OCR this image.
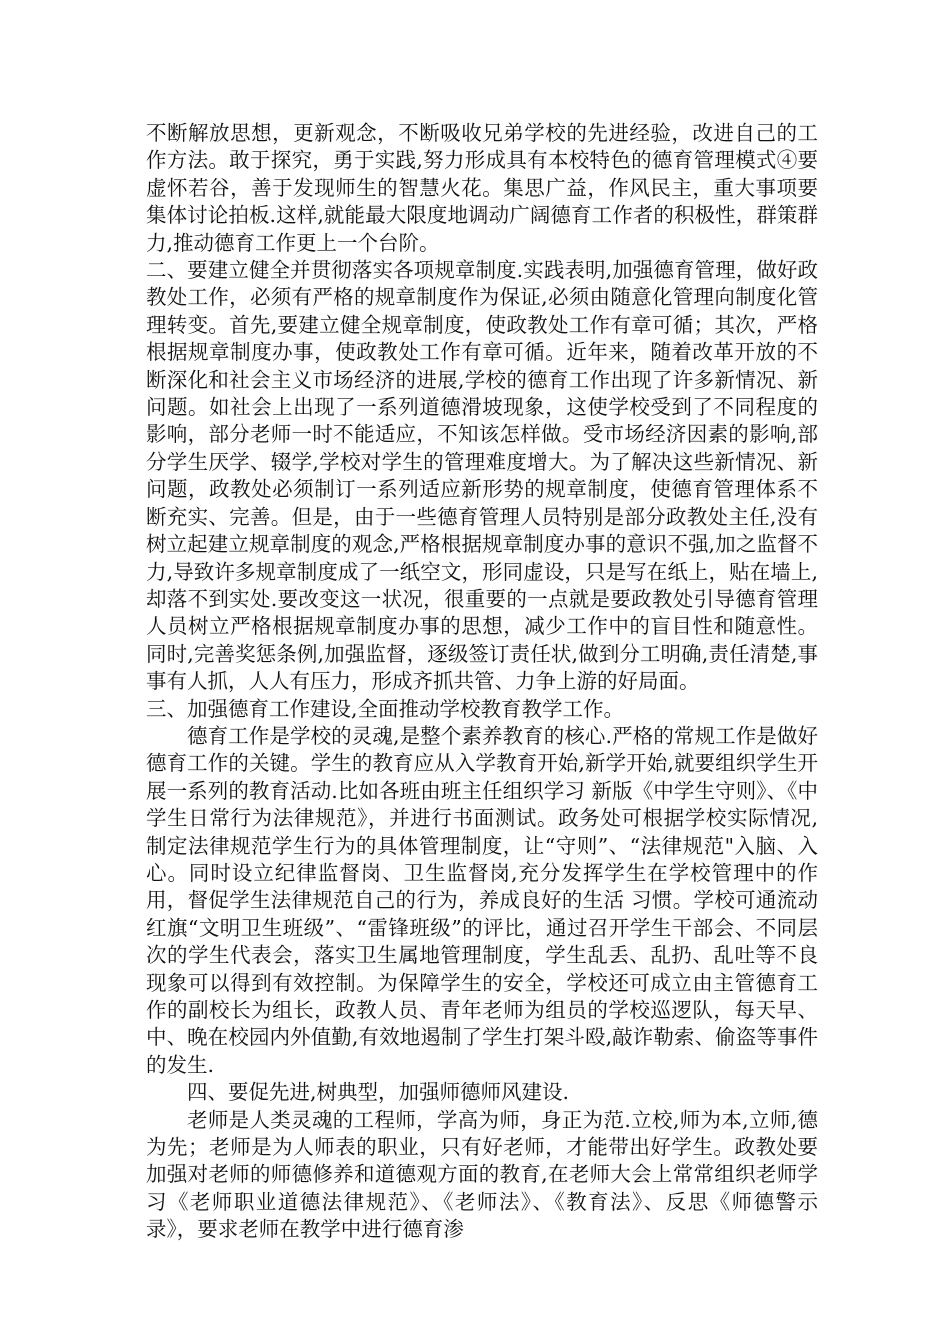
不断解放思想，更新观念，不断吸收兄弟学校的先进经验，改进自己的工作方法。敢于探究，勇于实践,努力形成具有本校特色的德育管理模式④要虚怀若谷，善于发现师生的智慧火花。集思广益，作风民主，重大事项要集体讨论拍板.这样,就能最大限度地调动广阔德育工作者的积极性，群策群力,推动德育工作更上一个台阶。

二、要建立健全并贯彻落实各项规章制度.实践表明,加强德育管理，做好政教处工作，必须有严格的规章制度作为保证,必须由随意化管理向制度化管理转变。首先,要建立健全规章制度，使政教处工作有章可循；其次，严格根据规章制度办事，使政教处工作有章可循。近年来，随着改革开放的不断深化和社会主义市场经济的进展,学校的德育工作出现了许多新情况、新问题。如社会上出现了一系列道德滑坡现象，这使学校受到了不同程度的影响，部分老师一时不能适应，不知该怎样做。受市场经济因素的影响,部分学生厌学、辍学,学校对学生的管理难度增大。为了解决这些新情况、新问题，政教处必须制订一系列适应新形势的规章制度，使德育管理体系不断充实、完善。但是，由于一些德育管理人员特别是部分政教处主任,没有树立起建立规章制度的观念,严格根据规章制度办事的意识不强,加之监督不力,导致许多规章制度成了一纸空文，形同虚设，只是写在纸上，贴在墙上,却落不到实处.要改变这一状况，很重要的一点就是要政教处引导德育管理人员树立严格根据规章制度办事的思想，减少工作中的盲目性和随意性。同时,完善奖惩条例,加强监督，逐级签订责任状,做到分工明确,责任清楚,事事有人抓，人人有压力，形成齐抓共管、力争上游的好局面。

三、加强德育工作建设,全面推动学校教育教学工作。

德育工作是学校的灵魂,是整个素养教育的核心.严格的常规工作是做好德育工作的关键。学生的教育应从入学教育开始,新学开始,就要组织学生开展一系列的教育活动.比如各班由班主任组织学习 新版《中学生守则》、《中学生日常行为法律规范》，并进行书面测试。政务处可根据学校实际情况,制定法律规范学生行为的具体管理制度，让“守则”、“法律规范"入脑、入心。同时设立纪律监督岗、卫生监督岗,充分发挥学生在学校管理中的作用，督促学生法律规范自己的行为，养成良好的生活 习惯。学校可通流动红旗“文明卫生班级”、“雷锋班级”的评比，通过召开学生干部会、不同层次的学生代表会，落实卫生属地管理制度，学生乱丢、乱扔、乱吐等不良现象可以得到有效控制。为保障学生的安全，学校还可成立由主管德育工作的副校长为组长，政教人员、青年老师为组员的学校巡逻队，每天早、中、晚在校园内外值勤,有效地遏制了学生打架斗殴,敲诈勒索、偷盗等事件的发生.

四、要促先进,树典型，加强师德师风建设.

老师是人类灵魂的工程师，学高为师，身正为范.立校,师为本,立师,德为先；老师是为人师表的职业，只有好老师，才能带出好学生。政教处要加强对老师的师德修养和道德观方面的教育,在老师大会上常常组织老师学习《老师职业道德法律规范》、《老师法》、《教育法》、反思《师德警示录》，要求老师在教学中进行德育渗
